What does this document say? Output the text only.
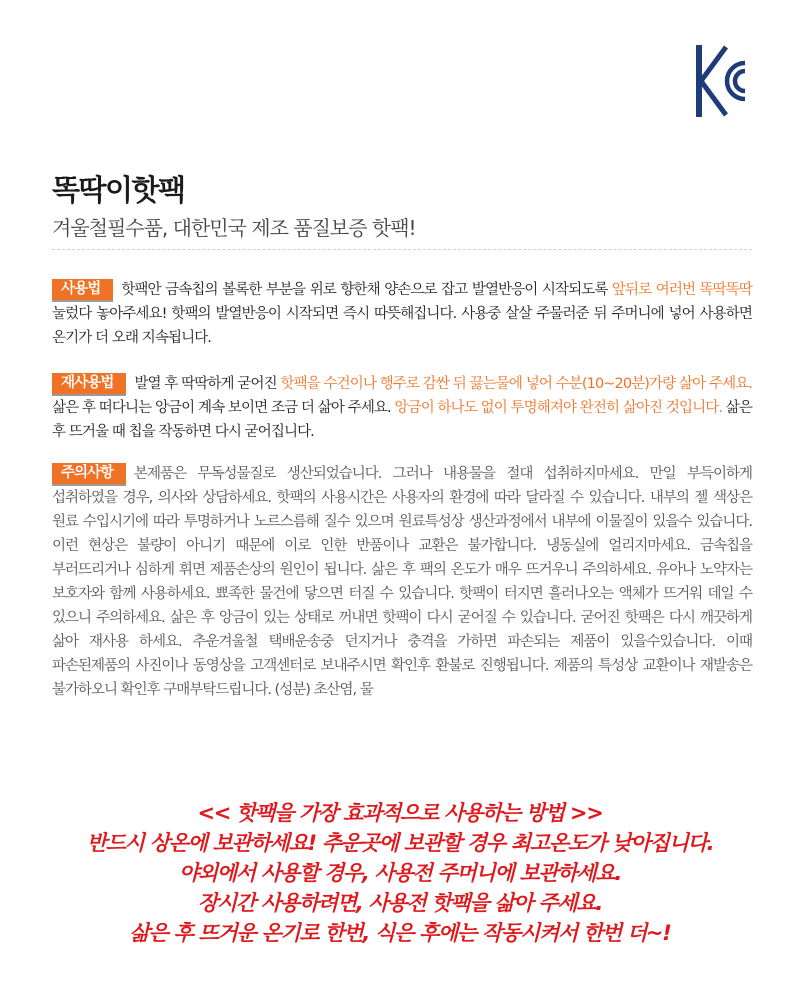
똑딱이핫팩
겨울철필수품, 대한민국 제조 품질보증 핫팩!
사용법 핫팩안 금속칩의 볼록한 부분을 위로 향한채 양손으로 잡고 발열반응이 시작되도록 앞뒤로 여러번 똑딱똑딱 눌렀다 놓아주세요! 핫팩의 발열반응이 시작되면 즉시 따뜻해집니다. 사용중 살살 주물러준 뒤 주머니에 넣어 사용하면 온기가 더 오래 지속됩니다.
재사용법 발열 후 딱딱하게 굳어진 핫팩을 수건이나 행주로 감싼 뒤 끓는물에 넣어 수분(10~20분)가량 삶아 주세요. 삶은 후 떠다니는 앙금이 계속 보이면 조금 더 삶아 주세요. 앙금이 하나도 없이 투명해져야 완전히 삶아진 것입니다. 삶은 후 뜨거울 때 칩을 작동하면 다시 굳어집니다.
주의사항 본제품은 무독성물질로 생산되었습니다. 그러나 내용물을 절대 섭취하지마세요. 만일 부득이하게 섭취하였을 경우, 의사와 상담하세요. 핫팩의 사용시간은 사용자의 환경에 따라 달라질 수 있습니다. 내부의 젤 색상은 원료 수입시기에 따라 투명하거나 노르스름해 질수 있으며 원료특성상 생산과정에서 내부에 이물질이 있을수 있습니다. 이런 현상은 불량이 아니기 때문에 이로 인한 반품이나 교환은 불가합니다. 냉동실에 얼리지마세요. 금속칩을 부러뜨리거나 심하게 휘면 제품손상의 원인이 됩니다. 삶은 후 팩의 온도가 매우 뜨거우니 주의하세요. 유아나 노약자는 보호자와 함께 사용하세요. 뾰족한 물건에 닿으면 터질 수 있습니다. 핫팩이 터지면 흘러나오는 액체가 뜨거워 데일 수 있으니 주의하세요. 삶은 후 앙금이 있는 상태로 꺼내면 핫팩이 다시 굳어질 수 있습니다. 굳어진 핫팩은 다시 깨끗하게 삶아 재사용 하세요. 추운겨울철 택배운송중 던지거나 충격을 가하면 파손되는 제품이 있을수있습니다. 이때 파손된제품의 사진이나 동영상을 고객센터로 보내주시면 확인후 환불로 진행됩니다. 제품의 특성상 교환이나 재발송은 불가하오니 확인후 구매부탁드립니다. (성분) 초산염, 물
<< 핫팩을 가장 효과적으로 사용하는 방법 >>
반드시 상온에 보관하세요! 추운곳에 보관할 경우 최고온도가 낮아집니다.
야외에서 사용할 경우, 사용전 주머니에 보관하세요.
장시간 사용하려면, 사용전 핫팩을 삶아 주세요.
삶은 후 뜨거운 온기로 한번, 식은 후에는 작동시켜서 한번 더~!
